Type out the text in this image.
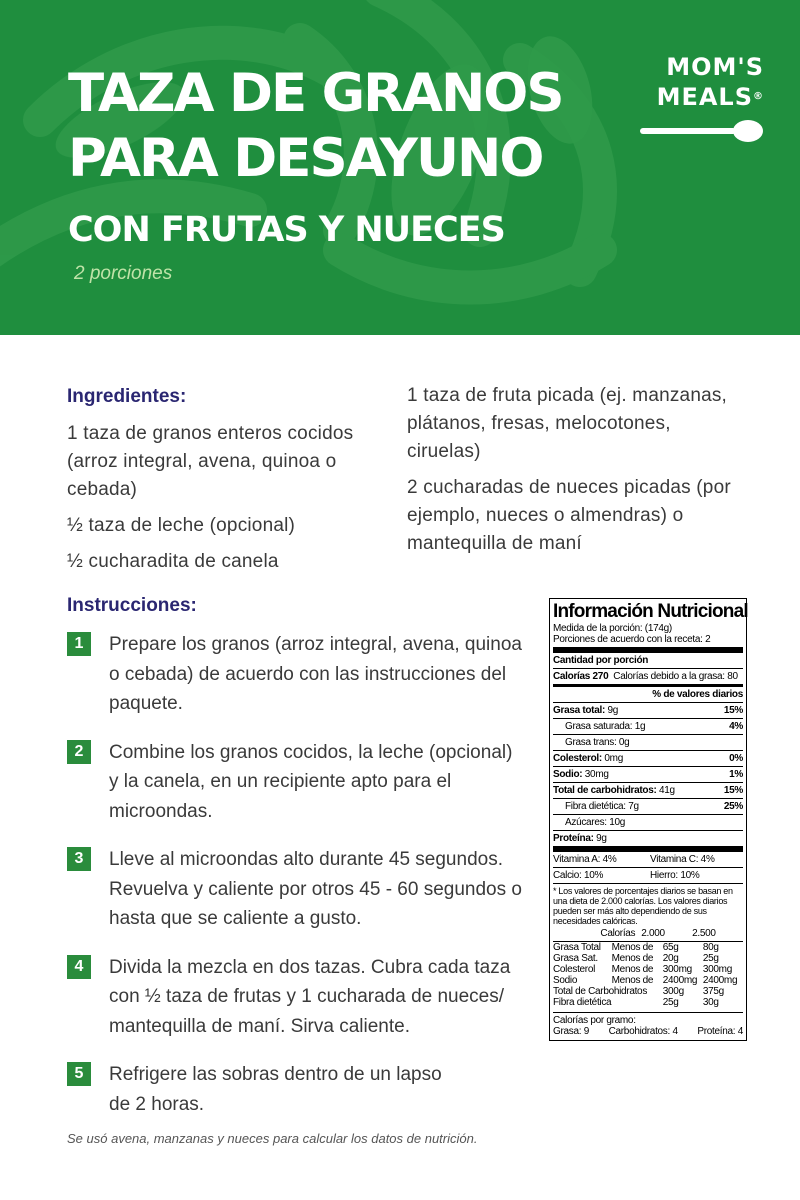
TAZA DE GRANOS
PARA DESAYUNO
CON FRUTAS Y NUECES
2 porciones
MOM'S
MEALS®
Ingredientes:
1 taza de granos enteros cocidos (arroz integral, avena, quinoa o cebada)
½ taza de leche (opcional)
½ cucharadita de canela
1 taza de fruta picada (ej. manzanas, plátanos, fresas, melocotones, ciruelas)
2 cucharadas de nueces picadas (por ejemplo, nueces o almendras) o mantequilla de maní
Instrucciones:
1	Prepare los granos (arroz integral, avena, quinoa o cebada) de acuerdo con las instrucciones del paquete.
2	Combine los granos cocidos, la leche (opcional) y la canela, en un recipiente apto para el microondas.
3	Lleve al microondas alto durante 45 segundos. Revuelva y caliente por otros 45 - 60 segundos o hasta que se caliente a gusto.
4	Divida la mezcla en dos tazas. Cubra cada taza con ½ taza de frutas y 1 cucharada de nueces/ mantequilla de maní. Sirva caliente.
5	Refrigere las sobras dentro de un lapso de 2 horas.
Se usó avena, manzanas y nueces para calcular los datos de nutrición.
Información Nutricional
Medida de la porción: (174g)
Porciones de acuerdo con la receta: 2
Cantidad por porción
Calorías 270 Calorías debido a la grasa: 80
% de valores diarios
Grasa total: 9g	15%
Grasa saturada: 1g	4%
Grasa trans: 0g
Colesterol: 0mg	0%
Sodio: 30mg	1%
Total de carbohidratos: 41g	15%
Fibra dietética: 7g	25%
Azúcares: 10g
Proteína: 9g
Vitamina A: 4%	Vitamina C: 4%
Calcio: 10%	Hierro: 10%
* Los valores de porcentajes diarios se basan en una dieta de 2.000 calorías. Los valores diarios pueden ser más alto dependiendo de sus necesidades calóricas.
	Calorías	2.000	2.500
Grasa Total	Menos de	65g	80g
Grasa Sat.	Menos de	20g	25g
Colesterol	Menos de	300mg	300mg
Sodio	Menos de	2400mg	2400mg
Total de Carbohidratos		300g	375g
Fibra dietética		25g	30g
Calorías por gramo:
Grasa: 9 Carbohidratos: 4 Proteína: 4
